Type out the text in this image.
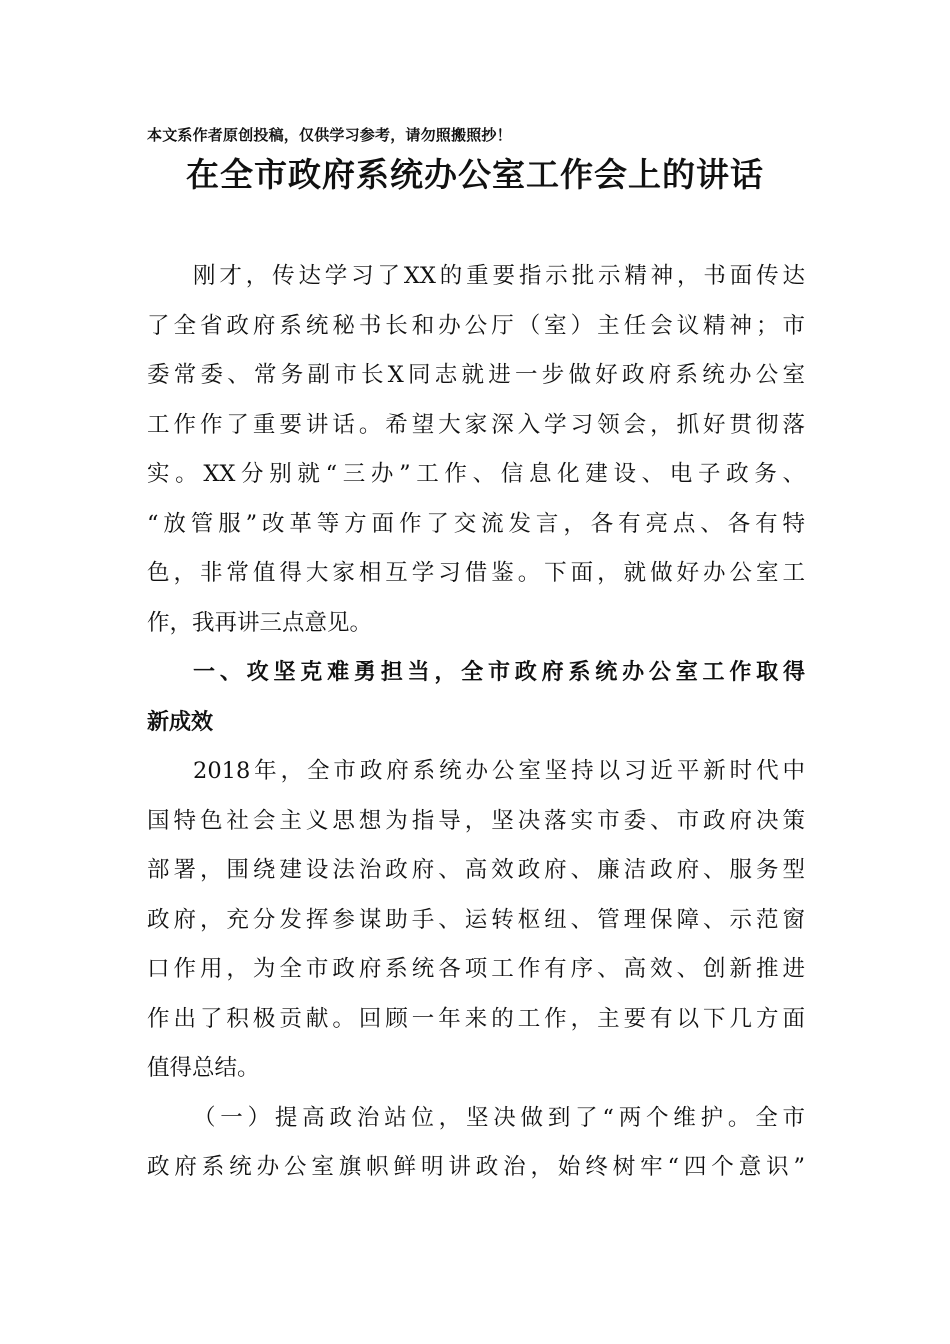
本文系作者原创投稿，仅供学习参考，请勿照搬照抄！
在全市政府系统办公室工作会上的讲话
刚才，传达学习了XX的重要指示批示精神，书面传达
了全省政府系统秘书长和办公厅（室）主任会议精神；市
委常委、常务副市长X同志就进一步做好政府系统办公室
工作作了重要讲话。希望大家深入学习领会，抓好贯彻落
实。XX分别就“三办”工作、信息化建设、电子政务、
“放管服”改革等方面作了交流发言，各有亮点、各有特
色，非常值得大家相互学习借鉴。下面，就做好办公室工
作，我再讲三点意见。
一、攻坚克难勇担当，全市政府系统办公室工作取得
新成效
2018年，全市政府系统办公室坚持以习近平新时代中
国特色社会主义思想为指导，坚决落实市委、市政府决策
部署，围绕建设法治政府、高效政府、廉洁政府、服务型
政府，充分发挥参谋助手、运转枢纽、管理保障、示范窗
口作用，为全市政府系统各项工作有序、高效、创新推进
作出了积极贡献。回顾一年来的工作，主要有以下几方面
值得总结。
（一）提高政治站位，坚决做到了“两个维护。全市
政府系统办公室旗帜鲜明讲政治，始终树牢“四个意识”
